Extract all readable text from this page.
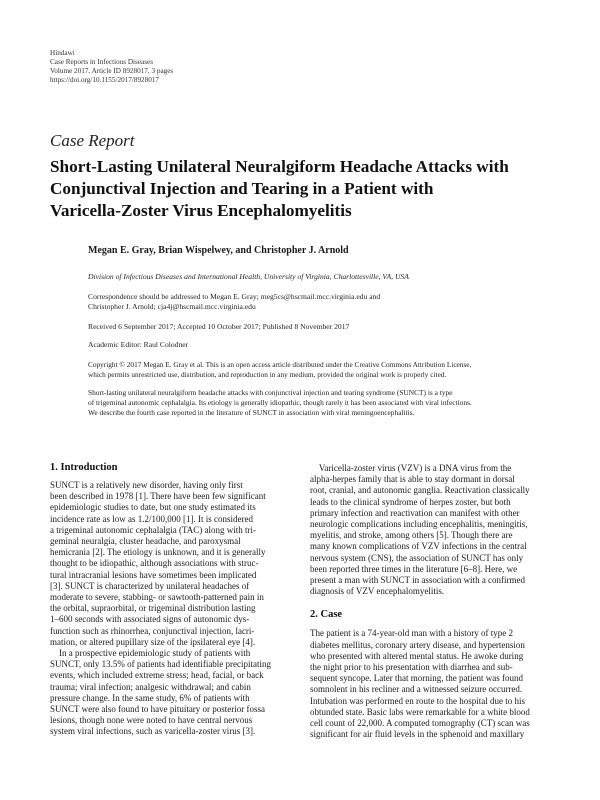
Hindawi
Case Reports in Infectious Diseases
Volume 2017, Article ID 8928017, 3 pages
https://doi.org/10.1155/2017/8928017
Case Report
Short-Lasting Unilateral Neuralgiform Headache Attacks with
Conjunctival Injection and Tearing in a Patient with
Varicella-Zoster Virus Encephalomyelitis
Megan E. Gray, Brian Wispelwey, and Christopher J. Arnold
Division of Infectious Diseases and International Health, University of Virginia, Charlottesville, VA, USA
Correspondence should be addressed to Megan E. Gray; meg5cs@hscmail.mcc.virginia.edu and
Christopher J. Arnold; cja4j@hscmail.mcc.virginia.edu
Received 6 September 2017; Accepted 10 October 2017; Published 8 November 2017
Academic Editor: Raul Colodner
Copyright © 2017 Megan E. Gray et al. This is an open access article distributed under the Creative Commons Attribution License,
which permits unrestricted use, distribution, and reproduction in any medium, provided the original work is properly cited.
Short-lasting unilateral neuralgiform headache attacks with conjunctival injection and tearing syndrome (SUNCT) is a type
of trigeminal autonomic cephalalgia. Its etiology is generally idiopathic, though rarely it has been associated with viral infections.
We describe the fourth case reported in the literature of SUNCT in association with viral meningoencephalitis.
1. Introduction
SUNCT is a relatively new disorder, having only first
been described in 1978 [1]. There have been few significant
epidemiologic studies to date, but one study estimated its
incidence rate as low as 1.2/100,000 [1]. It is considered
a trigeminal autonomic cephalalgia (TAC) along with tri-
geminal neuralgia, cluster headache, and paroxysmal
hemicrania [2]. The etiology is unknown, and it is generally
thought to be idiopathic, although associations with struc-
tural intracranial lesions have sometimes been implicated
[3]. SUNCT is characterized by unilateral headaches of
moderate to severe, stabbing- or sawtooth-patterned pain in
the orbital, supraorbital, or trigeminal distribution lasting
1–600 seconds with associated signs of autonomic dys-
function such as rhinorrhea, conjunctival injection, lacri-
mation, or altered pupillary size of the ipsilateral eye [4].
In a prospective epidemiologic study of patients with
SUNCT, only 13.5% of patients had identifiable precipitating
events, which included extreme stress; head, facial, or back
trauma; viral infection; analgesic withdrawal; and cabin
pressure change. In the same study, 6% of patients with
SUNCT were also found to have pituitary or posterior fossa
lesions, though none were noted to have central nervous
system viral infections, such as varicella-zoster virus [3].
Varicella-zoster virus (VZV) is a DNA virus from the
alpha-herpes family that is able to stay dormant in dorsal
root, cranial, and autonomic ganglia. Reactivation classically
leads to the clinical syndrome of herpes zoster, but both
primary infection and reactivation can manifest with other
neurologic complications including encephalitis, meningitis,
myelitis, and stroke, among others [5]. Though there are
many known complications of VZV infections in the central
nervous system (CNS), the association of SUNCT has only
been reported three times in the literature [6–8]. Here, we
present a man with SUNCT in association with a confirmed
diagnosis of VZV encephalomyelitis.
2. Case
The patient is a 74-year-old man with a history of type 2
diabetes mellitus, coronary artery disease, and hypertension
who presented with altered mental status. He awoke during
the night prior to his presentation with diarrhea and sub-
sequent syncope. Later that morning, the patient was found
somnolent in his recliner and a witnessed seizure occurred.
Intubation was performed en route to the hospital due to his
obtunded state. Basic labs were remarkable for a white blood
cell count of 22,000. A computed tomography (CT) scan was
significant for air fluid levels in the sphenoid and maxillary
